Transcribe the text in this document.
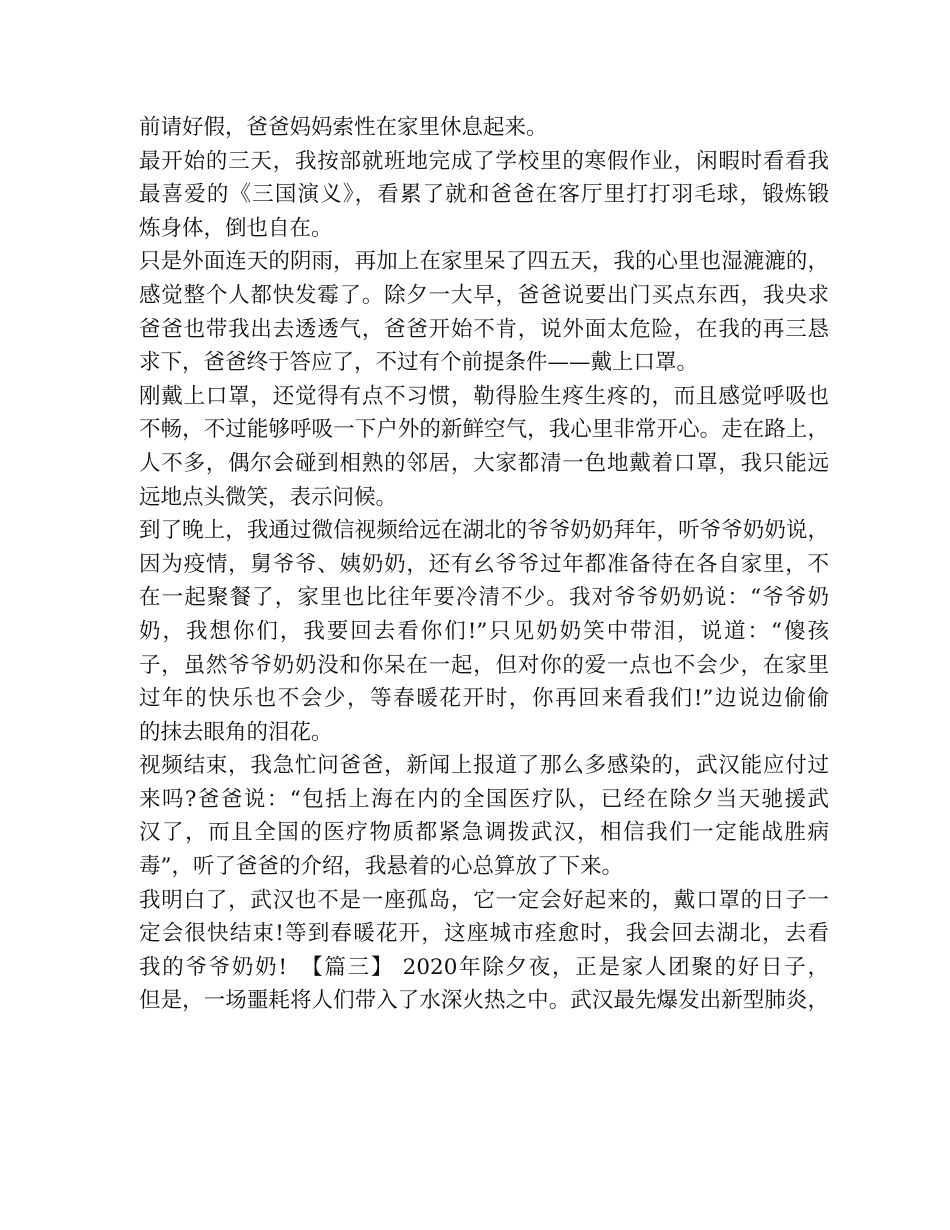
前请好假，爸爸妈妈索性在家里休息起来。
最开始的三天，我按部就班地完成了学校里的寒假作业，闲暇时看看我
最喜爱的《三国演义》，看累了就和爸爸在客厅里打打羽毛球，锻炼锻
炼身体，倒也自在。
只是外面连天的阴雨，再加上在家里呆了四五天，我的心里也湿漉漉的，
感觉整个人都快发霉了。除夕一大早，爸爸说要出门买点东西，我央求
爸爸也带我出去透透气，爸爸开始不肯，说外面太危险，在我的再三恳
求下，爸爸终于答应了，不过有个前提条件——戴上口罩。
刚戴上口罩，还觉得有点不习惯，勒得脸生疼生疼的，而且感觉呼吸也
不畅，不过能够呼吸一下户外的新鲜空气，我心里非常开心。走在路上，
人不多，偶尔会碰到相熟的邻居，大家都清一色地戴着口罩，我只能远
远地点头微笑，表示问候。
到了晚上，我通过微信视频给远在湖北的爷爷奶奶拜年，听爷爷奶奶说，
因为疫情，舅爷爷、姨奶奶，还有幺爷爷过年都准备待在各自家里，不
在一起聚餐了，家里也比往年要冷清不少。我对爷爷奶奶说：“爷爷奶
奶，我想你们，我要回去看你们!”只见奶奶笑中带泪，说道：“傻孩
子，虽然爷爷奶奶没和你呆在一起，但对你的爱一点也不会少，在家里
过年的快乐也不会少，等春暖花开时，你再回来看我们!”边说边偷偷
的抹去眼角的泪花。
视频结束，我急忙问爸爸，新闻上报道了那么多感染的，武汉能应付过
来吗?爸爸说：“包括上海在内的全国医疗队，已经在除夕当天驰援武
汉了，而且全国的医疗物质都紧急调拨武汉，相信我们一定能战胜病
毒”，听了爸爸的介绍，我悬着的心总算放了下来。
我明白了，武汉也不是一座孤岛，它一定会好起来的，戴口罩的日子一
定会很快结束!等到春暖花开，这座城市痊愈时，我会回去湖北，去看
我的爷爷奶奶!　【篇三】 2020年除夕夜，正是家人团聚的好日子，
但是，一场噩耗将人们带入了水深火热之中。武汉最先爆发出新型肺炎，
